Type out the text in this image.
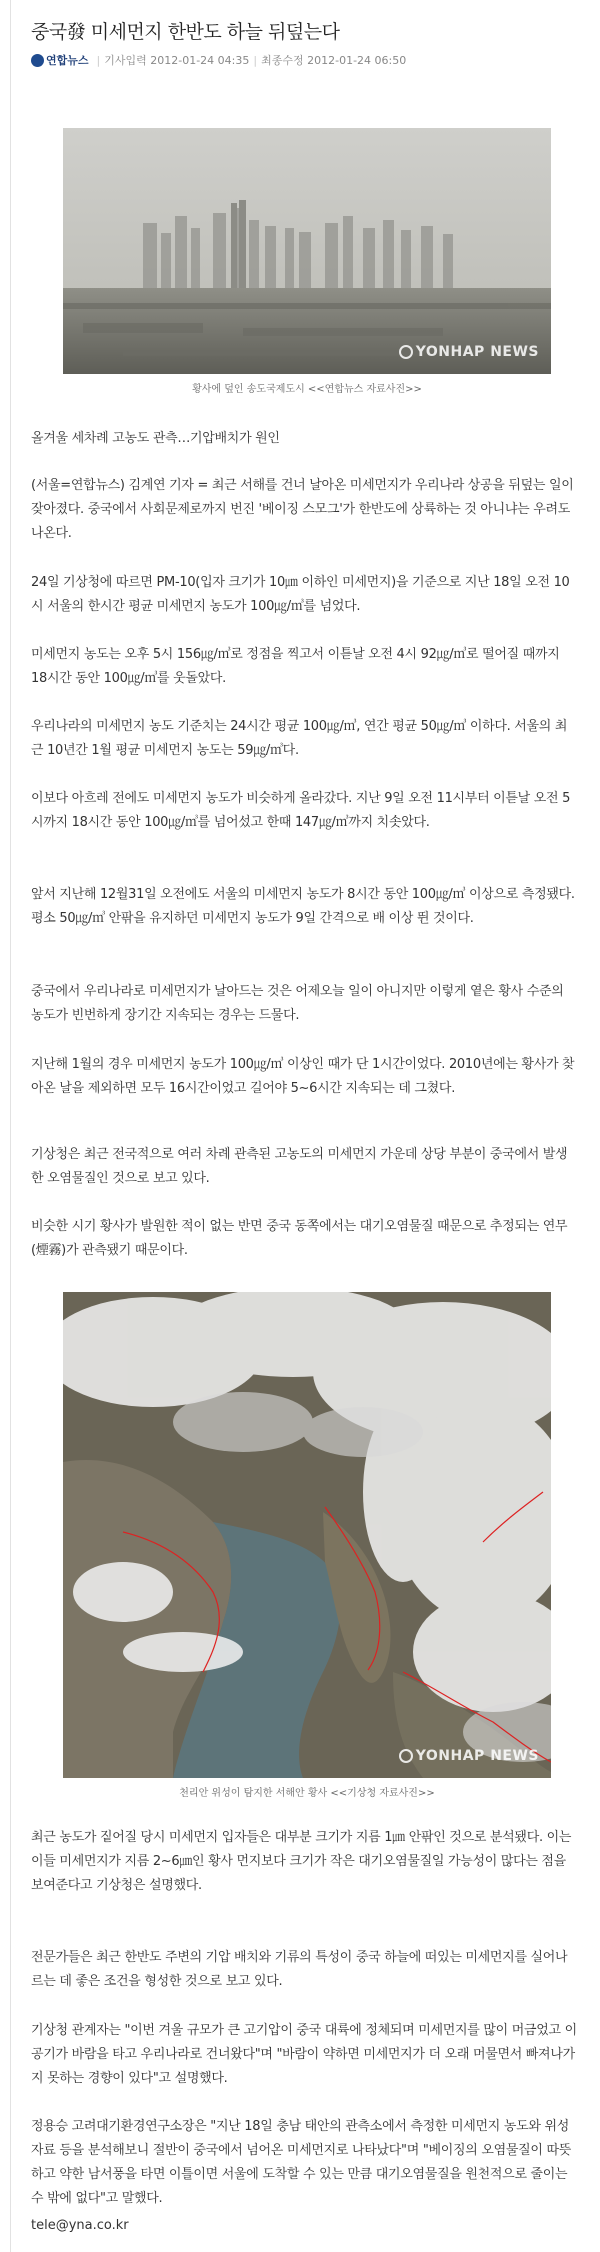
중국發 미세먼지 한반도 하늘 뒤덮는다
연합뉴스 | 기사입력
2012-01-24 04:35 | 최종수정
2012-01-24 06:50
YONHAP NEWS
황사에 덮인 송도국제도시 <<연합뉴스 자료사진>>
올겨울 세차례 고농도 관측…기압배치가 원인
(서울=연합뉴스) 김계연 기자 = 최근 서해를 건너 날아온 미세먼지가 우리나라 상공을 뒤덮는 일이 잦아졌다. 중국에서 사회문제로까지 번진 '베이징 스모그'가 한반도에 상륙하는 것 아니냐는 우려도 나온다.
24일 기상청에 따르면 PM-10(입자 크기가 10㎛ 이하인 미세먼지)을 기준으로 지난 18일 오전 10시 서울의 한시간 평균 미세먼지 농도가 100㎍/㎥를 넘었다.
미세먼지 농도는 오후 5시 156㎍/㎥로 정점을 찍고서 이튿날 오전 4시 92㎍/㎥로 떨어질 때까지 18시간 동안 100㎍/㎥를 웃돌았다.
우리나라의 미세먼지 농도 기준치는 24시간 평균 100㎍/㎥, 연간 평균 50㎍/㎥ 이하다. 서울의 최근 10년간 1월 평균 미세먼지 농도는 59㎍/㎥다.
이보다 아흐레 전에도 미세먼지 농도가 비슷하게 올라갔다. 지난 9일 오전 11시부터 이튿날 오전 5시까지 18시간 동안 100㎍/㎥를 넘어섰고 한때 147㎍/㎥까지 치솟았다.
앞서 지난해 12월31일 오전에도 서울의 미세먼지 농도가 8시간 동안 100㎍/㎥ 이상으로 측정됐다. 평소 50㎍/㎥ 안팎을 유지하던 미세먼지 농도가 9일 간격으로 배 이상 뛴 것이다.
중국에서 우리나라로 미세먼지가 날아드는 것은 어제오늘 일이 아니지만 이렇게 옅은 황사 수준의 농도가 빈번하게 장기간 지속되는 경우는 드물다.
지난해 1월의 경우 미세먼지 농도가 100㎍/㎥ 이상인 때가 단 1시간이었다. 2010년에는 황사가 찾아온 날을 제외하면 모두 16시간이었고 길어야 5~6시간 지속되는 데 그쳤다.
기상청은 최근 전국적으로 여러 차례 관측된 고농도의 미세먼지 가운데 상당 부분이 중국에서 발생한 오염물질인 것으로 보고 있다.
비슷한 시기 황사가 발원한 적이 없는 반면 중국 동쪽에서는 대기오염물질 때문으로 추정되는 연무(煙霧)가 관측됐기 때문이다.
YONHAP NEWS
천리안 위성이 탐지한 서해안 황사 <<기상청 자료사진>>
최근 농도가 짙어질 당시 미세먼지 입자들은 대부분 크기가 지름 1㎛ 안팎인 것으로 분석됐다. 이는 이들 미세먼지가 지름 2~6㎛인 황사 먼지보다 크기가 작은 대기오염물질일 가능성이 많다는 점을 보여준다고 기상청은 설명했다.
전문가들은 최근 한반도 주변의 기압 배치와 기류의 특성이 중국 하늘에 떠있는 미세먼지를 실어나르는 데 좋은 조건을 형성한 것으로 보고 있다.
기상청 관계자는 "이번 겨울 규모가 큰 고기압이 중국 대륙에 정체되며 미세먼지를 많이 머금었고 이 공기가 바람을 타고 우리나라로 건너왔다"며 "바람이 약하면 미세먼지가 더 오래 머물면서 빠져나가지 못하는 경향이 있다"고 설명했다.
정용승 고려대기환경연구소장은 "지난 18일 충남 태안의 관측소에서 측정한 미세먼지 농도와 위성자료 등을 분석해보니 절반이 중국에서 넘어온 미세먼지로 나타났다"며 "베이징의 오염물질이 따뜻하고 약한 남서풍을 타면 이틀이면 서울에 도착할 수 있는 만큼 대기오염물질을 원천적으로 줄이는 수 밖에 없다"고 말했다.
tele@yna.co.kr
